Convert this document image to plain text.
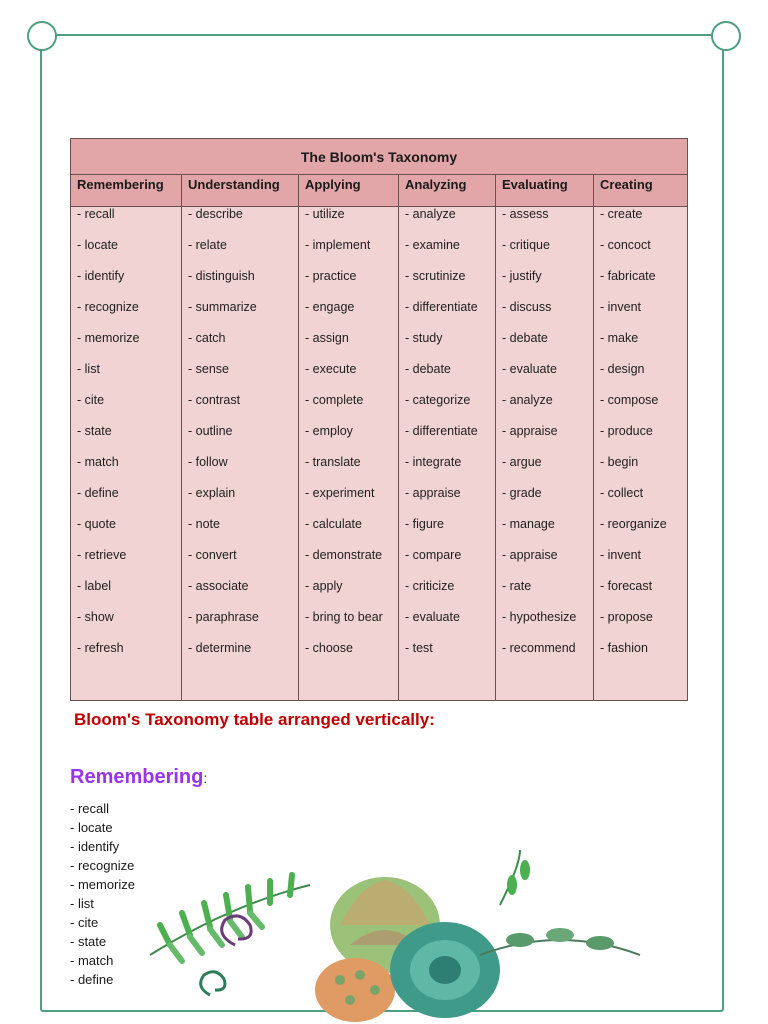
The Bloom's Taxonomy
Remembering
- recall
- locate
- identify
- recognize
- memorize
- list
- cite
- state
- match
- define
- quote
- retrieve
- label
- show
- refresh
Understanding
- describe
- relate
- distinguish
- summarize
- catch
- sense
- contrast
- outline
- follow
- explain
- note
- convert
- associate
- paraphrase
- determine
Applying
- utilize
- implement
- practice
- engage
- assign
- execute
- complete
- employ
- translate
- experiment
- calculate
- demonstrate
- apply
- bring to bear
- choose
Analyzing
- analyze
- examine
- scrutinize
- differentiate
- study
- debate
- categorize
- differentiate
- integrate
- appraise
- figure
- compare
- criticize
- evaluate
- test
Evaluating
- assess
- critique
- justify
- discuss
- debate
- evaluate
- analyze
- appraise
- argue
- grade
- manage
- appraise
- rate
- hypothesize
- recommend
Creating
- create
- concoct
- fabricate
- invent
- make
- design
- compose
- produce
- begin
- collect
- reorganize
- invent
- forecast
- propose
- fashion
Bloom's Taxonomy table arranged vertically:
Remembering:
- recall
- locate
- identify
- recognize
- memorize
- list
- cite
- state
- match
- define
